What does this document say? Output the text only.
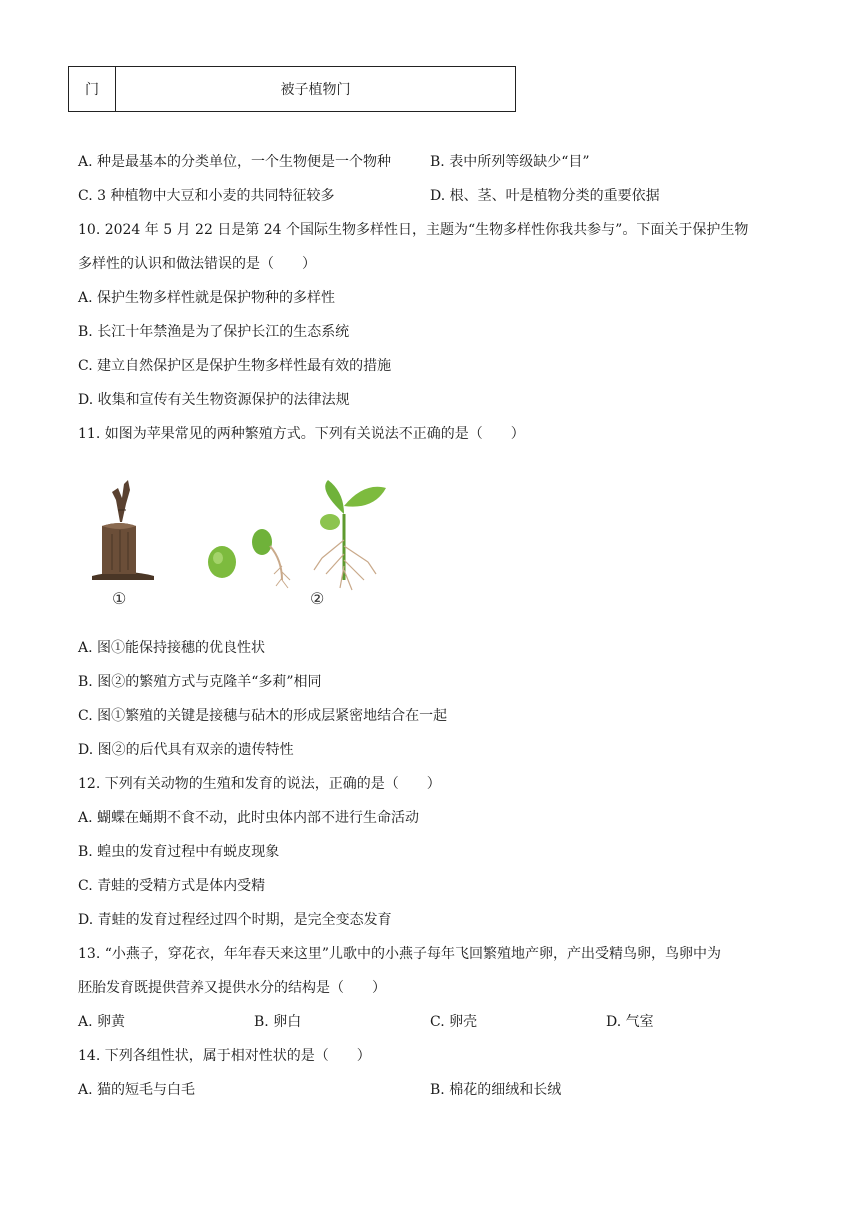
门	被子植物门
A. 种是最基本的分类单位，一个生物便是一个物种	B. 表中所列等级缺少“目”
C. 3 种植物中大豆和小麦的共同特征较多	D. 根、茎、叶是植物分类的重要依据
10. 2024 年 5 月 22 日是第 24 个国际生物多样性日，主题为“生物多样性你我共参与”。下面关于保护生物
多样性的认识和做法错误的是（　　）
A. 保护生物多样性就是保护物种的多样性
B. 长江十年禁渔是为了保护长江的生态系统
C. 建立自然保护区是保护生物多样性最有效的措施
D. 收集和宣传有关生物资源保护的法律法规
11. 如图为苹果常见的两种繁殖方式。下列有关说法不正确的是（　　）
①	②
A. 图①能保持接穗的优良性状
B. 图②的繁殖方式与克隆羊“多莉”相同
C. 图①繁殖的关键是接穗与砧木的形成层紧密地结合在一起
D. 图②的后代具有双亲的遗传特性
12. 下列有关动物的生殖和发育的说法，正确的是（　　）
A. 蝴蝶在蛹期不食不动，此时虫体内部不进行生命活动
B. 蝗虫的发育过程中有蜕皮现象
C. 青蛙的受精方式是体内受精
D. 青蛙的发育过程经过四个时期，是完全变态发育
13. “小燕子，穿花衣，年年春天来这里”儿歌中的小燕子每年飞回繁殖地产卵，产出受精鸟卵，鸟卵中为
胚胎发育既提供营养又提供水分的结构是（　　）
A. 卵黄	B. 卵白	C. 卵壳	D. 气室
14. 下列各组性状，属于相对性状的是（　　）
A. 猫的短毛与白毛	B. 棉花的细绒和长绒
